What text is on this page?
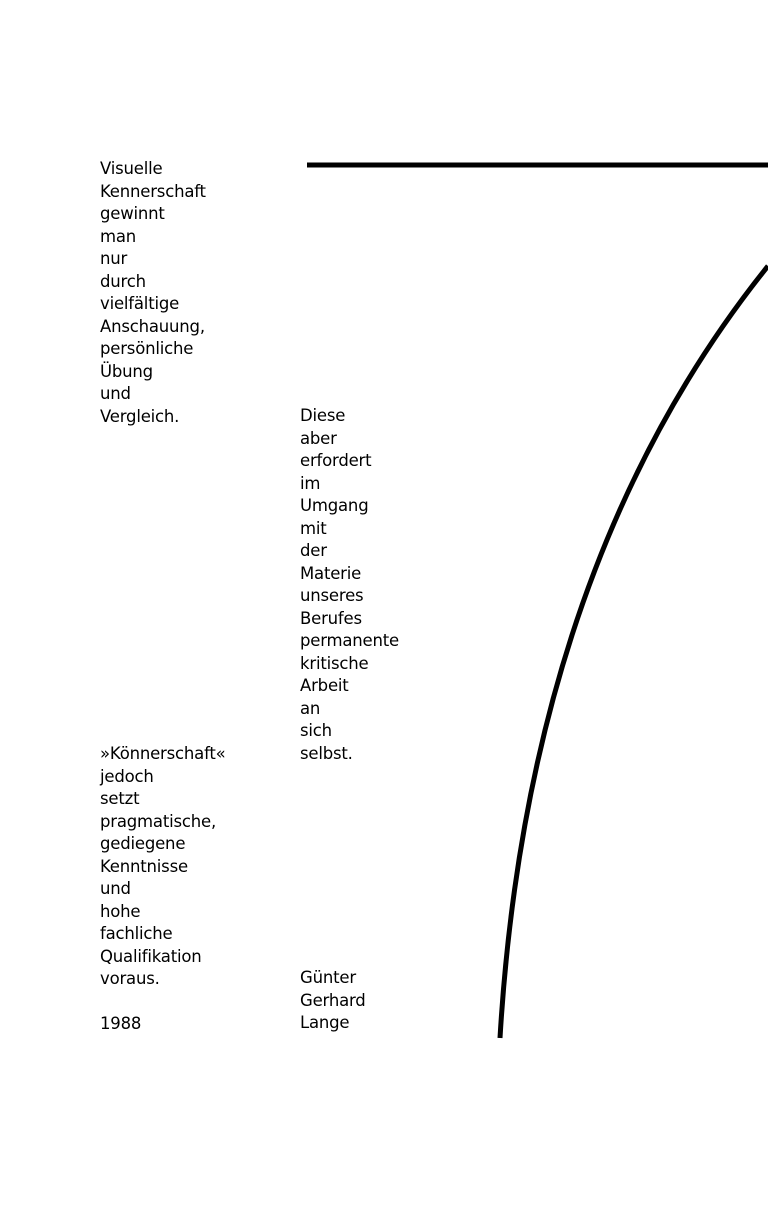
Visuelle
Kennerschaft
gewinnt
man
nur
durch
vielfältige
Anschauung,
persönliche
Übung
und
Vergleich.	Diese
aber
erfordert
im
Umgang
mit
der
Materie
unseres
Berufes
permanente
kritische
Arbeit
an
sich
selbst.
»Könnerschaft«
jedoch
setzt
pragmatische,
gediegene
Kenntnisse
und
hohe
fachliche
Qualifikation
voraus.
1988
Günter
Gerhard
Lange
